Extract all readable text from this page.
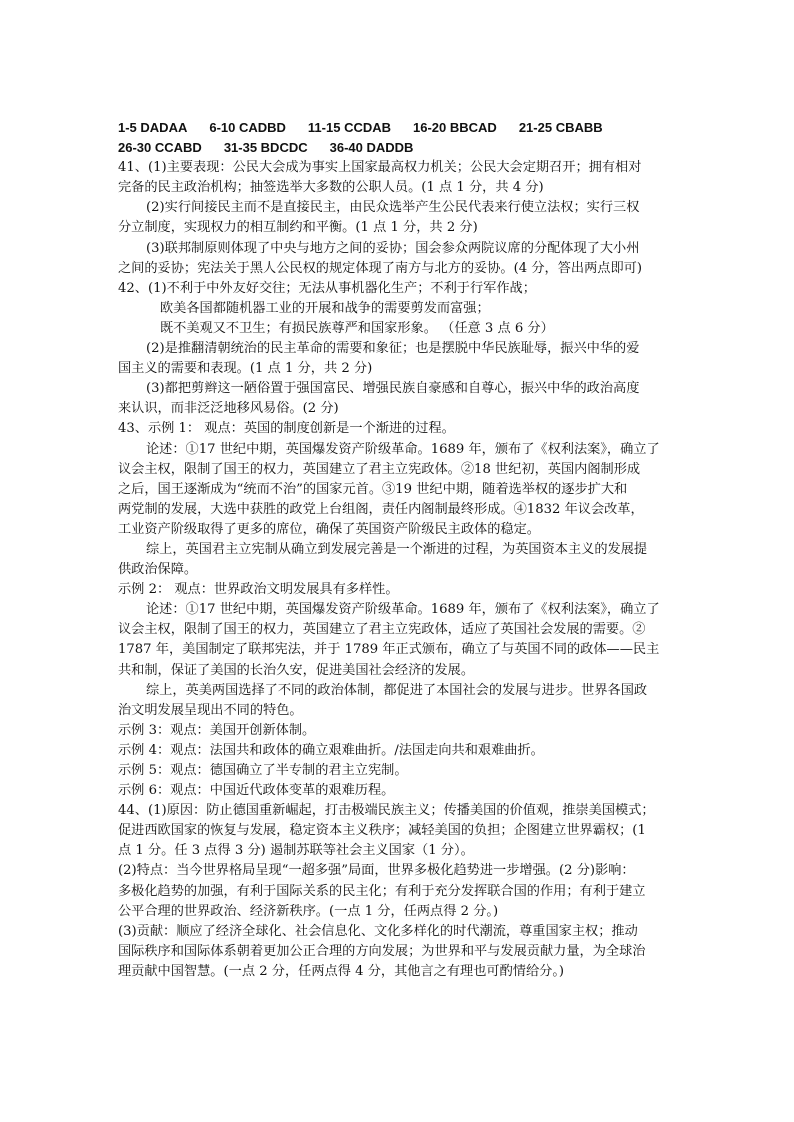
1-5 DADAA 6-10 CADBD 11-15 CCDAB 16-20 BBCAD 21-25 CBABB
26-30 CCABD 31-35 BDCDC 36-40 DADDB
41、(1)主要表现：公民大会成为事实上国家最高权力机关；公民大会定期召开；拥有相对
完备的民主政治机构；抽签选举大多数的公职人员。(1 点 1 分，共 4 分)
(2)实行间接民主而不是直接民主，由民众选举产生公民代表来行使立法权；实行三权
分立制度，实现权力的相互制约和平衡。(1 点 1 分，共 2 分)
(3)联邦制原则体现了中央与地方之间的妥协；国会参众两院议席的分配体现了大小州
之间的妥协；宪法关于黑人公民权的规定体现了南方与北方的妥协。(4 分，答出两点即可)
42、(1)不利于中外友好交往；无法从事机器化生产；不利于行军作战；
欧美各国都随机器工业的开展和战争的需要剪发而富强；
既不美观又不卫生；有损民族尊严和国家形象。 （任意 3 点 6 分）
(2)是推翻清朝统治的民主革命的需要和象征；也是摆脱中华民族耻辱，振兴中华的爱
国主义的需要和表现。(1 点 1 分，共 2 分)
(3)都把剪辫这一陋俗置于强国富民、增强民族自豪感和自尊心，振兴中华的政治高度
来认识，而非泛泛地移风易俗。(2 分)
43、示例 1： 观点：英国的制度创新是一个渐进的过程。
论述：①17 世纪中期，英国爆发资产阶级革命。1689 年，颁布了《权利法案》，确立了
议会主权，限制了国王的权力，英国建立了君主立宪政体。②18 世纪初，英国内阁制形成
之后，国王逐渐成为“统而不治”的国家元首。③19 世纪中期，随着选举权的逐步扩大和
两党制的发展，大选中获胜的政党上台组阁，责任内阁制最终形成。④1832 年议会改革，
工业资产阶级取得了更多的席位，确保了英国资产阶级民主政体的稳定。
综上，英国君主立宪制从确立到发展完善是一个渐进的过程，为英国资本主义的发展提
供政治保障。
示例 2： 观点：世界政治文明发展具有多样性。
论述：①17 世纪中期，英国爆发资产阶级革命。1689 年，颁布了《权利法案》，确立了
议会主权，限制了国王的权力，英国建立了君主立宪政体，适应了英国社会发展的需要。②
1787 年，美国制定了联邦宪法，并于 1789 年正式颁布，确立了与英国不同的政体——民主
共和制，保证了美国的长治久安，促进美国社会经济的发展。
综上，英美两国选择了不同的政治体制，都促进了本国社会的发展与进步。世界各国政
治文明发展呈现出不同的特色。
示例 3：观点：美国开创新体制。
示例 4：观点：法国共和政体的确立艰难曲折。/法国走向共和艰难曲折。
示例 5：观点：德国确立了半专制的君主立宪制。
示例 6：观点：中国近代政体变革的艰难历程。
44、(1)原因：防止德国重新崛起，打击极端民族主义；传播美国的价值观，推崇美国模式；
促进西欧国家的恢复与发展，稳定资本主义秩序；减轻美国的负担；企图建立世界霸权；(1
点 1 分。任 3 点得 3 分) 遏制苏联等社会主义国家（1 分）。
(2)特点：当今世界格局呈现“一超多强”局面，世界多极化趋势进一步增强。(2 分)影响：
多极化趋势的加强，有利于国际关系的民主化；有利于充分发挥联合国的作用；有利于建立
公平合理的世界政治、经济新秩序。(一点 1 分，任两点得 2 分。)
(3)贡献：顺应了经济全球化、社会信息化、文化多样化的时代潮流，尊重国家主权；推动
国际秩序和国际体系朝着更加公正合理的方向发展；为世界和平与发展贡献力量，为全球治
理贡献中国智慧。(一点 2 分，任两点得 4 分，其他言之有理也可酌情给分。)
